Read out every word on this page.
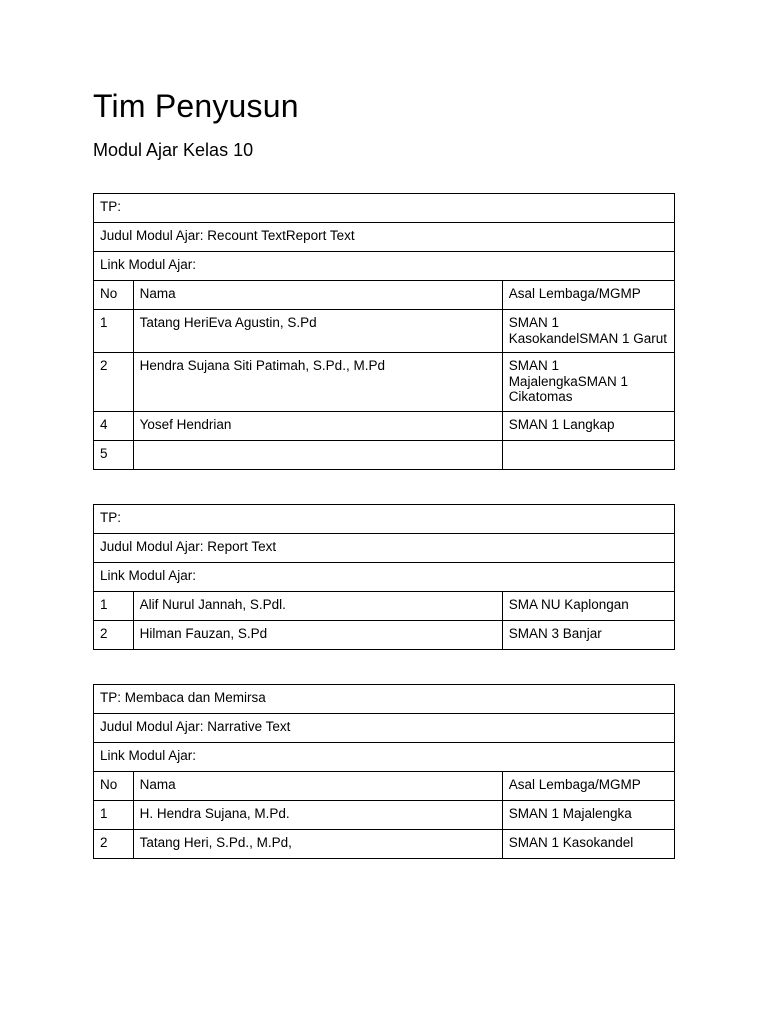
Tim Penyusun
Modul Ajar Kelas 10
TP:		
Judul Modul Ajar: Recount TextReport Text		
Link Modul Ajar:		
No	Nama	Asal Lembaga/MGMP
1	Tatang HeriEva Agustin, S.Pd	SMAN 1 KasokandelSMAN 1 Garut
2	Hendra Sujana Siti Patimah, S.Pd., M.Pd	SMAN 1 MajalengkaSMAN 1 Cikatomas
4	Yosef Hendrian	SMAN 1 Langkap
5		
TP:		
Judul Modul Ajar: Report Text		
Link Modul Ajar:		
1	Alif Nurul Jannah, S.Pdl.	SMA NU Kaplongan
2	Hilman Fauzan, S.Pd	SMAN 3 Banjar
TP: Membaca dan Memirsa		
Judul Modul Ajar: Narrative Text		
Link Modul Ajar:		
No	Nama	Asal Lembaga/MGMP
1	H. Hendra Sujana, M.Pd.	SMAN 1 Majalengka
2	Tatang Heri, S.Pd., M.Pd,	SMAN 1 Kasokandel
